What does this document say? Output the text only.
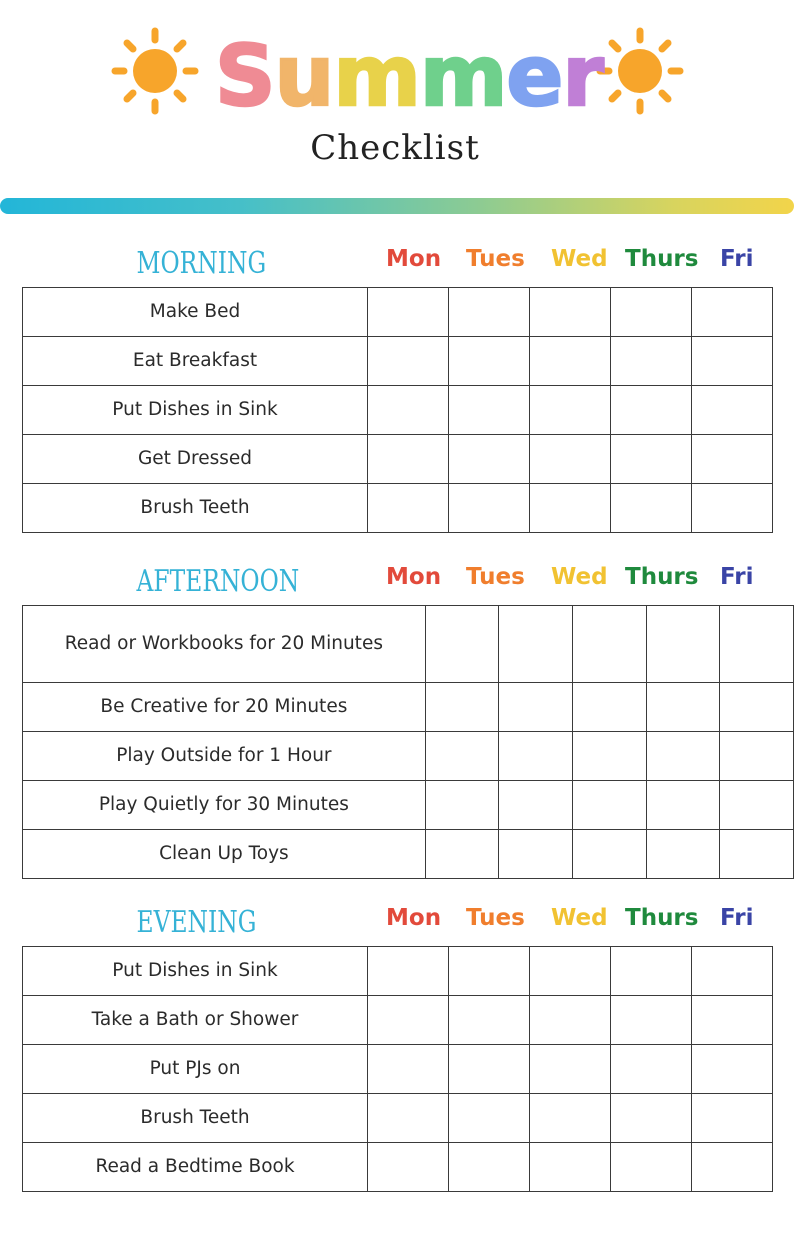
Summer
Checklist
MORNING	Mon Tues Wed Thurs Fri
Make Bed					
Eat Breakfast					
Put Dishes in Sink					
Get Dressed					
Brush Teeth					
AFTERNOON	Mon Tues Wed Thurs Fri
Read or Workbooks for 20 Minutes					
Be Creative for 20 Minutes					
Play Outside for 1 Hour					
Play Quietly for 30 Minutes					
Clean Up Toys					
EVENING	Mon Tues Wed Thurs Fri
Put Dishes in Sink					
Take a Bath or Shower					
Put PJs on					
Brush Teeth					
Read a Bedtime Book					
